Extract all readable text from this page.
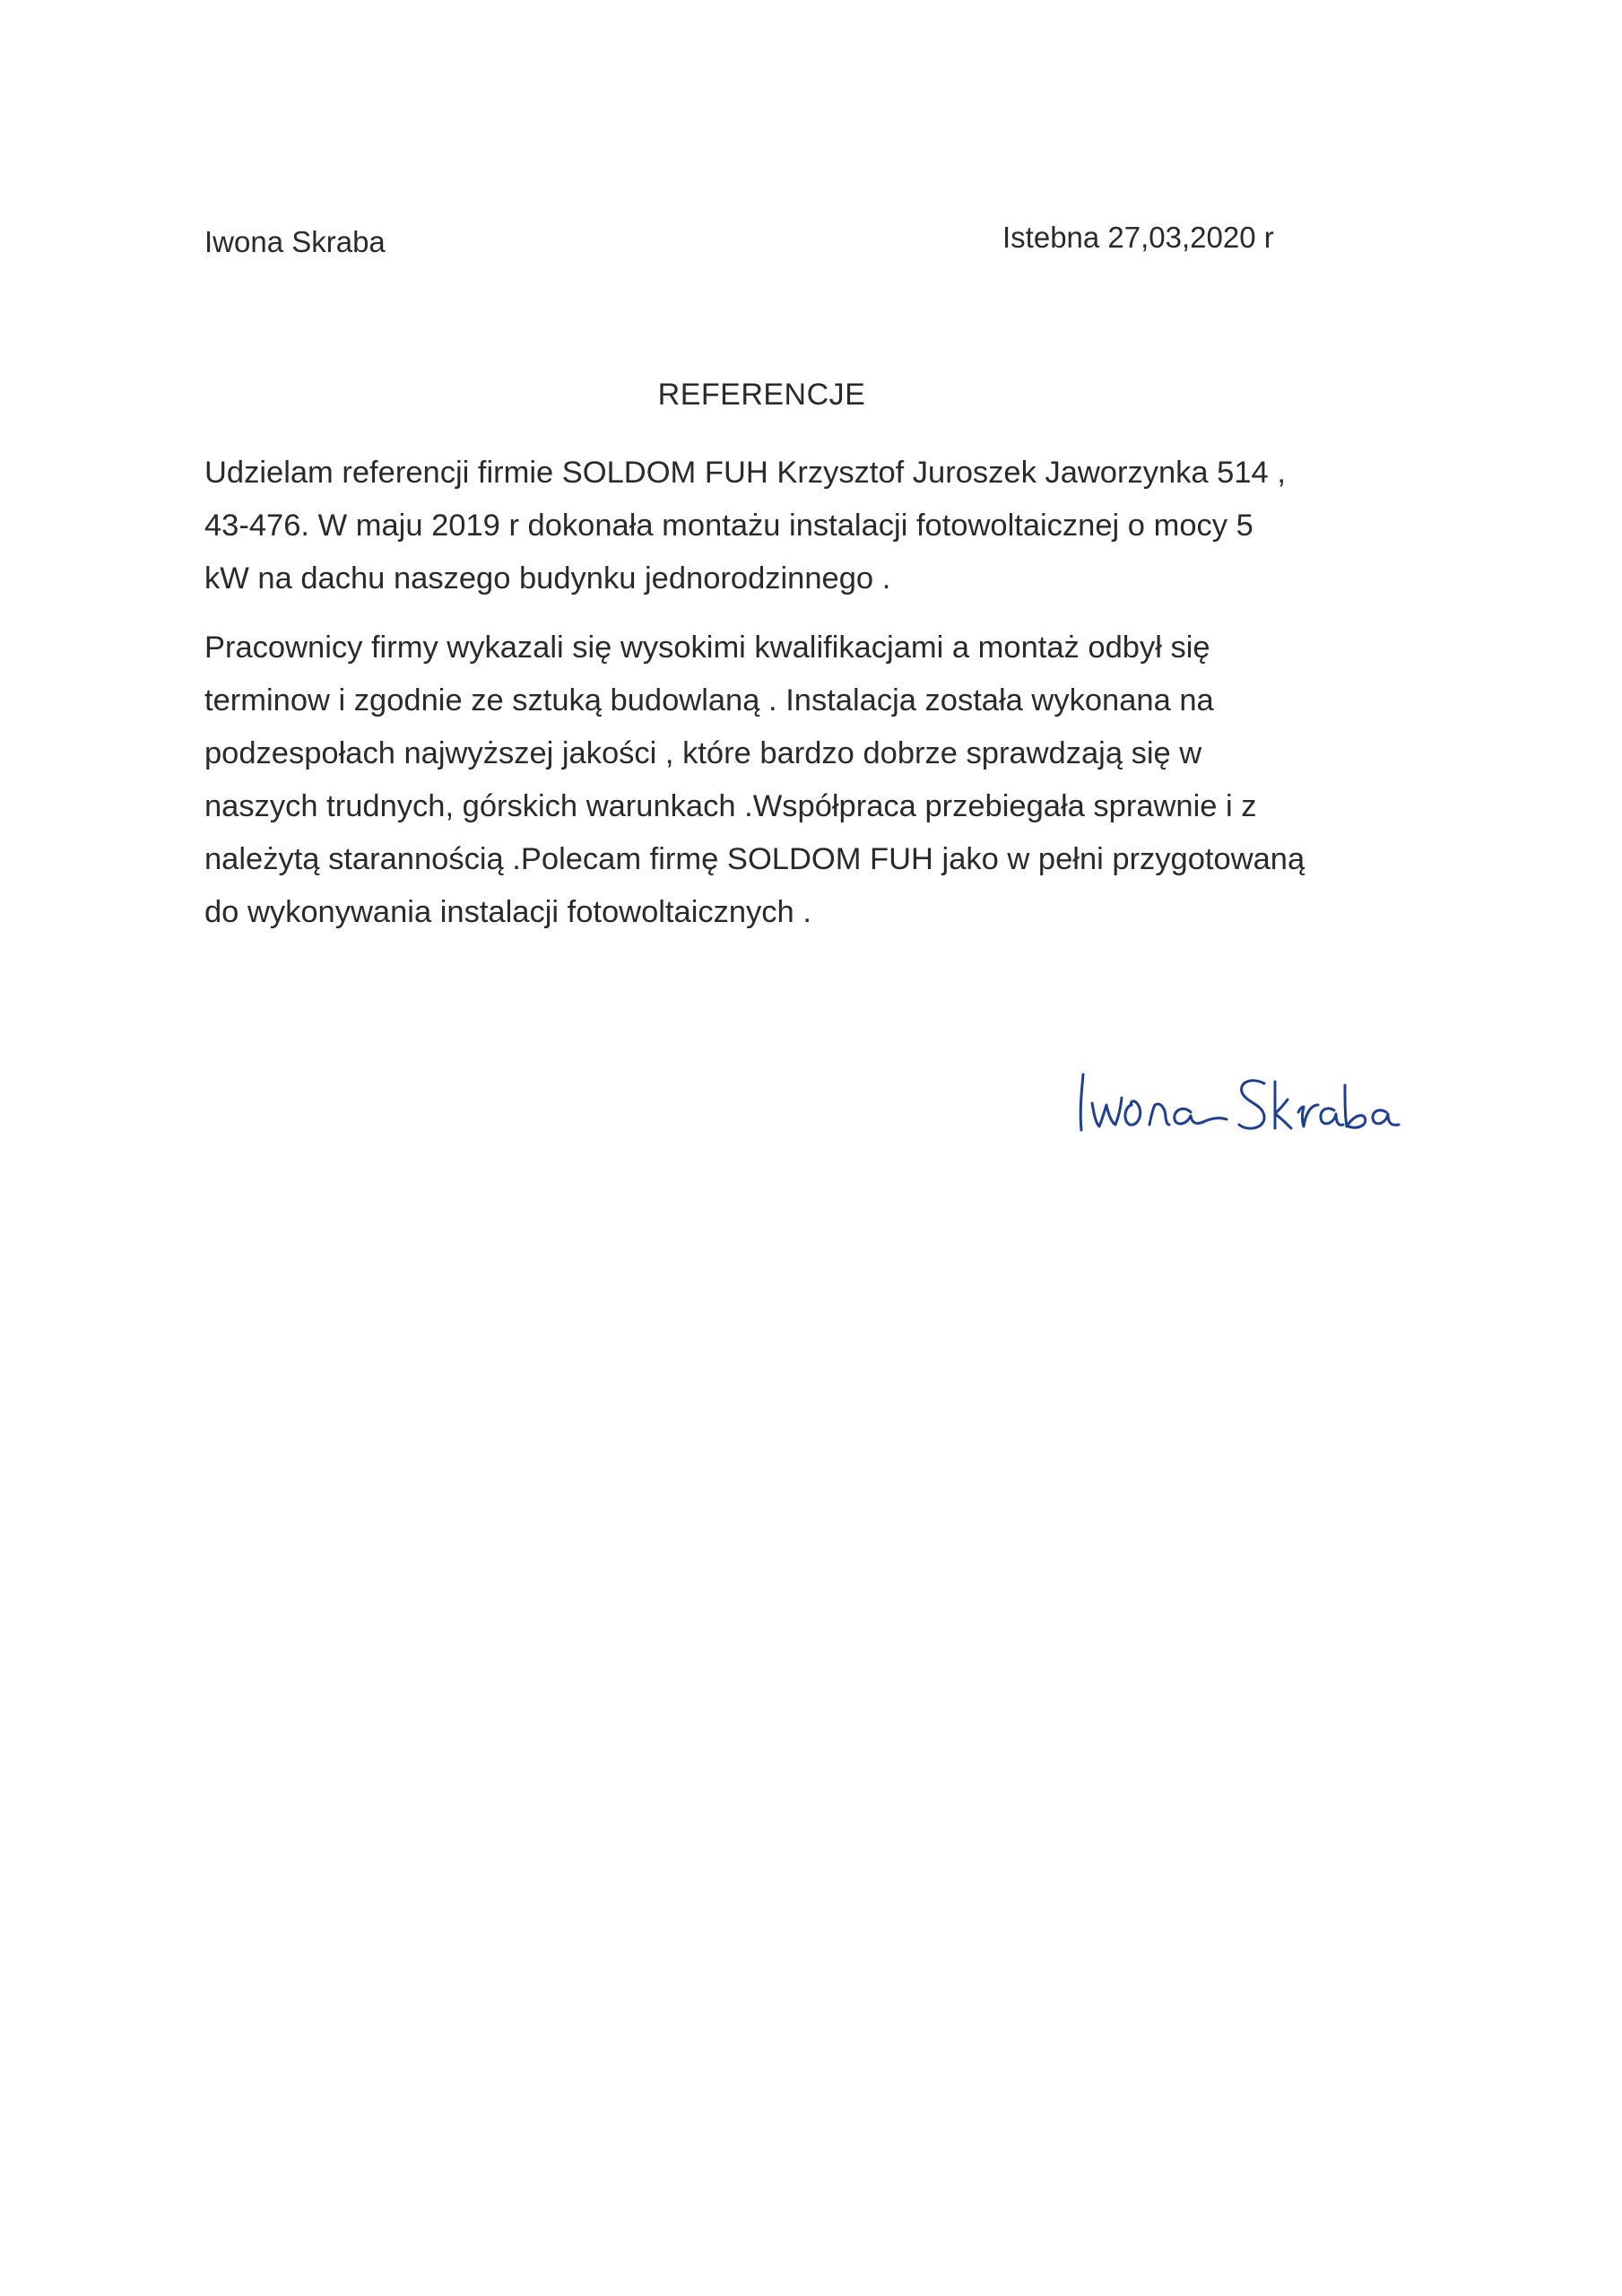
Iwona Skraba	Istebna 27,03,2020 r
REFERENCJE
Udzielam referencji firmie SOLDOM FUH Krzysztof Juroszek Jaworzynka 514 ,
43-476. W maju 2019 r dokonała montażu instalacji fotowoltaicznej o mocy 5
kW na dachu naszego budynku jednorodzinnego .
Pracownicy firmy wykazali się wysokimi kwalifikacjami a montaż odbył się
terminow i zgodnie ze sztuką budowlaną . Instalacja została wykonana na
podzespołach najwyższej jakości , które bardzo dobrze sprawdzają się w
naszych trudnych, górskich warunkach .Współpraca przebiegała sprawnie i z
należytą starannością .Polecam firmę SOLDOM FUH jako w pełni przygotowaną
do wykonywania instalacji fotowoltaicznych .
